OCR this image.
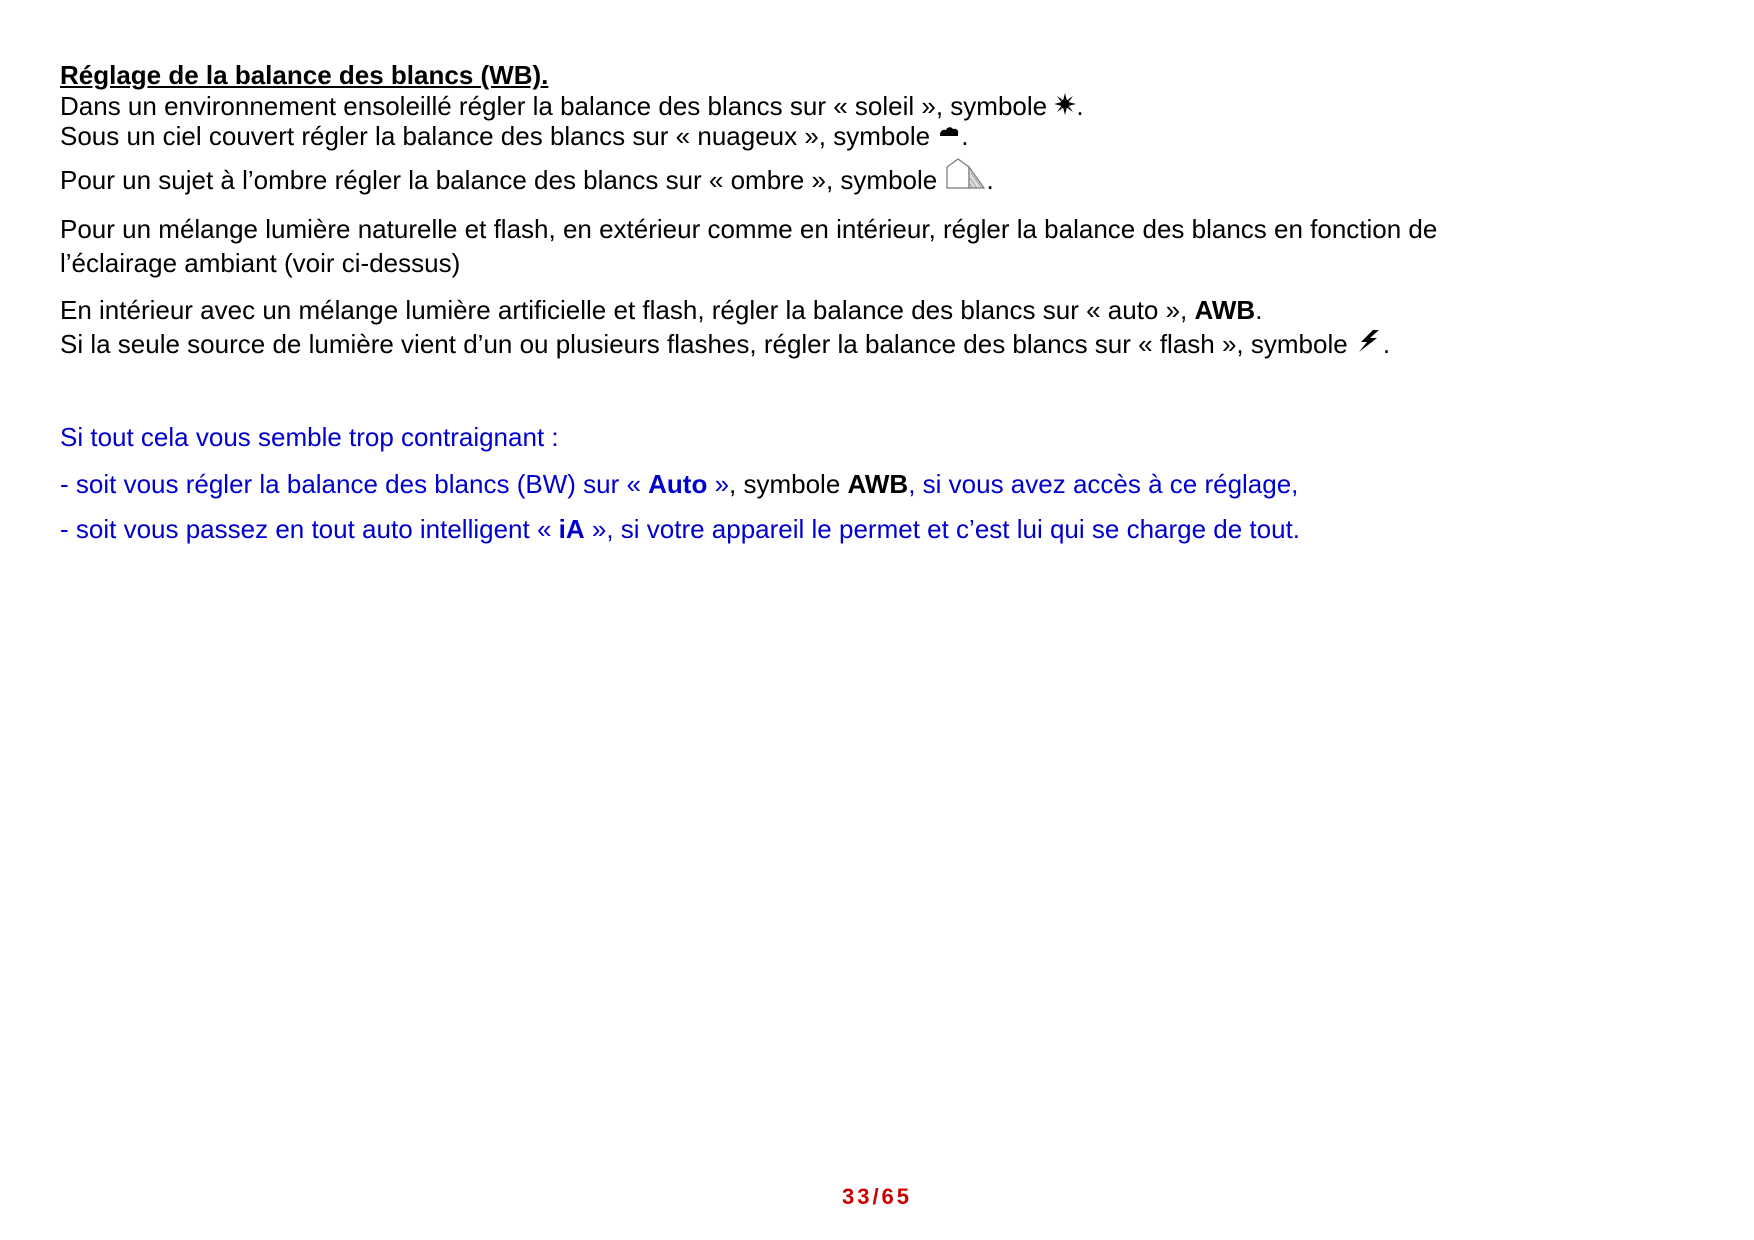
Réglage de la balance des blancs (WB).
Dans un environnement ensoleillé régler la balance des blancs sur « soleil », symbole
.
Sous un ciel couvert régler la balance des blancs sur « nuageux », symbole
.
Pour un sujet à l’ombre régler la balance des blancs sur « ombre », symbole
.
Pour un mélange lumière naturelle et flash, en extérieur comme en intérieur, régler la balance des blancs en fonction de
l’éclairage ambiant (voir ci-dessus)
En intérieur avec un mélange lumière artificielle et flash, régler la balance des blancs sur « auto », AWB.
Si la seule source de lumière vient d’un ou plusieurs flashes, régler la balance des blancs sur « flash », symbole
.
Si tout cela vous semble trop contraignant :
- soit vous régler la balance des blancs (BW) sur « Auto », symbole AWB, si vous avez accès à ce réglage,
- soit vous passez en tout auto intelligent « iA », si votre appareil le permet et c’est lui qui se charge de tout.
33/65
